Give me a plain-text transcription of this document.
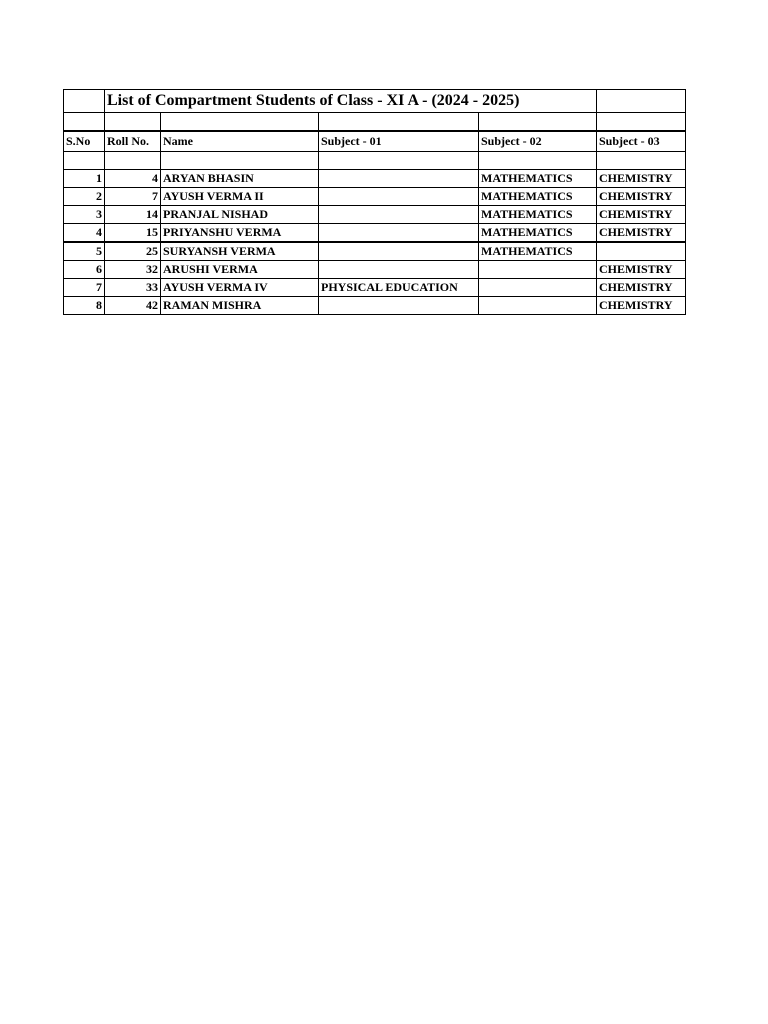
	List of Compartment Students of Class - XI A - (2024 - 2025)				

S.No	Roll No.	Name	Subject - 01	Subject - 02	Subject - 03

1	4	ARYAN BHASIN		MATHEMATICS	CHEMISTRY
2	7	AYUSH VERMA II		MATHEMATICS	CHEMISTRY
3	14	PRANJAL NISHAD		MATHEMATICS	CHEMISTRY
4	15	PRIYANSHU VERMA		MATHEMATICS	CHEMISTRY
5	25	SURYANSH VERMA		MATHEMATICS	
6	32	ARUSHI VERMA			CHEMISTRY
7	33	AYUSH VERMA IV	PHYSICAL EDUCATION		CHEMISTRY
8	42	RAMAN MISHRA			CHEMISTRY
